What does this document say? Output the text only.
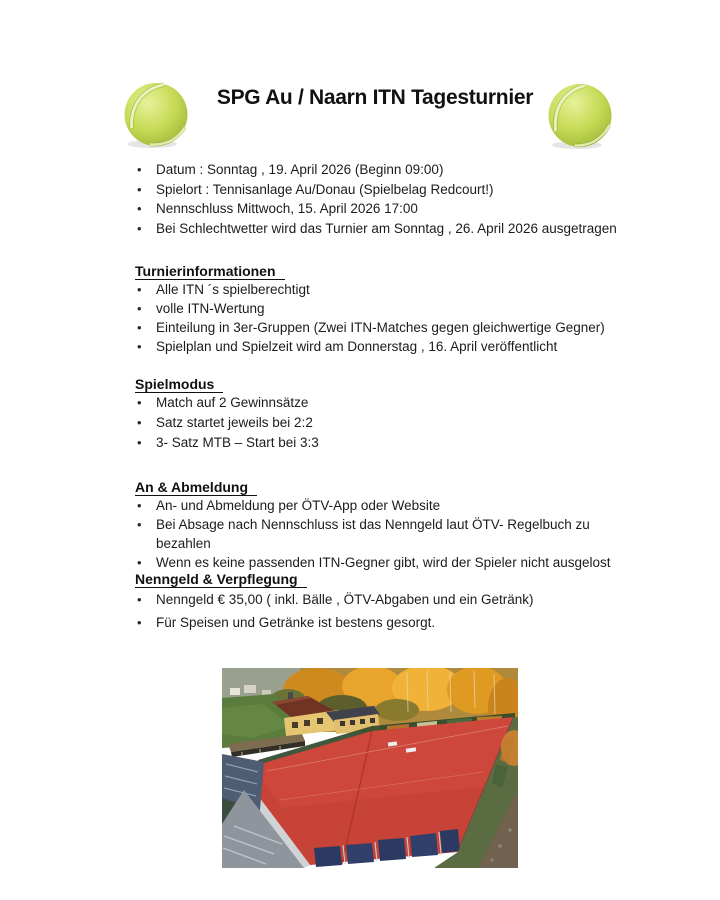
SPG Au / Naarn ITN Tagesturnier
• Datum : Sonntag , 19. April 2026 (Beginn 09:00)
• Spielort : Tennisanlage Au/Donau (Spielbelag Redcourt!)
• Nennschluss Mittwoch, 15. April 2026 17:00
• Bei Schlechtwetter wird das Turnier am Sonntag , 26. April 2026 ausgetragen
Turnierinformationen
• Alle ITN ´s spielberechtigt
• volle ITN-Wertung
• Einteilung in 3er-Gruppen (Zwei ITN-Matches gegen gleichwertige Gegner)
• Spielplan und Spielzeit wird am Donnerstag , 16. April veröffentlicht
Spielmodus
• Match auf 2 Gewinnsätze
• Satz startet jeweils bei 2:2
• 3- Satz MTB – Start bei 3:3
An & Abmeldung
• An- und Abmeldung per ÖTV-App oder Website
• Bei Absage nach Nennschluss ist das Nenngeld laut ÖTV- Regelbuch zu bezahlen
• Wenn es keine passenden ITN-Gegner gibt, wird der Spieler nicht ausgelost
Nenngeld & Verpflegung
• Nenngeld € 35,00 ( inkl. Bälle , ÖTV-Abgaben und ein Getränk)
• Für Speisen und Getränke ist bestens gesorgt.
